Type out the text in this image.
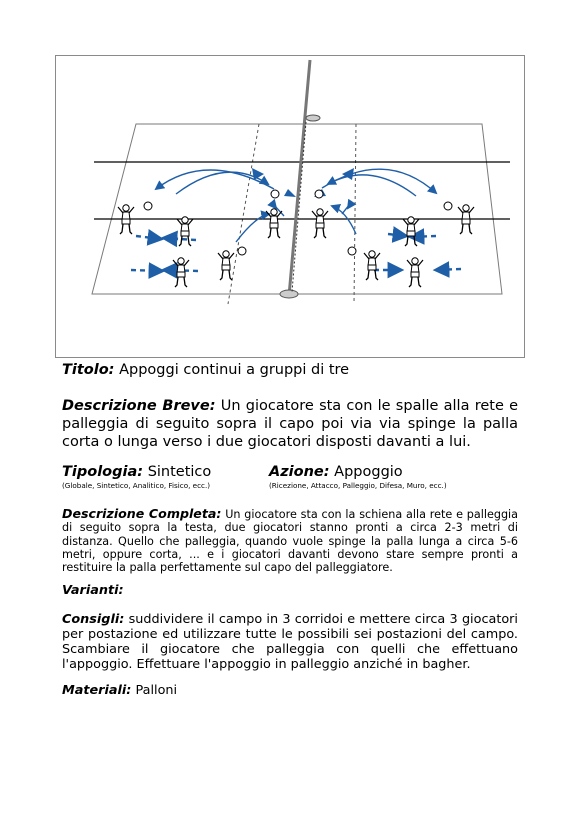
Titolo: Appoggi continui a gruppi di tre
Descrizione Breve: Un giocatore sta con le spalle alla rete e palleggia di seguito sopra il capo poi via via spinge la palla corta o lunga verso i due giocatori disposti davanti a lui.
Tipologia: Sintetico
(Globale, Sintetico, Analitico, Fisico, ecc.)
Azione: Appoggio
(Ricezione, Attacco, Palleggio, Difesa, Muro, ecc.)
Descrizione Completa: Un giocatore sta con la schiena alla rete e palleggia di seguito sopra la testa, due giocatori stanno pronti a circa 2-3 metri di distanza. Quello che palleggia, quando vuole spinge la palla lunga a circa 5-6 metri, oppure corta, ... e i giocatori davanti devono stare sempre pronti a restituire la palla perfettamente sul capo del palleggiatore.
Varianti:
Consigli: suddividere il campo in 3 corridoi e mettere circa 3 giocatori per postazione ed utilizzare tutte le possibili sei postazioni del campo. Scambiare il giocatore che palleggia con quelli che effettuano l'appoggio. Effettuare l'appoggio in palleggio anziché in bagher.
Materiali: Palloni
